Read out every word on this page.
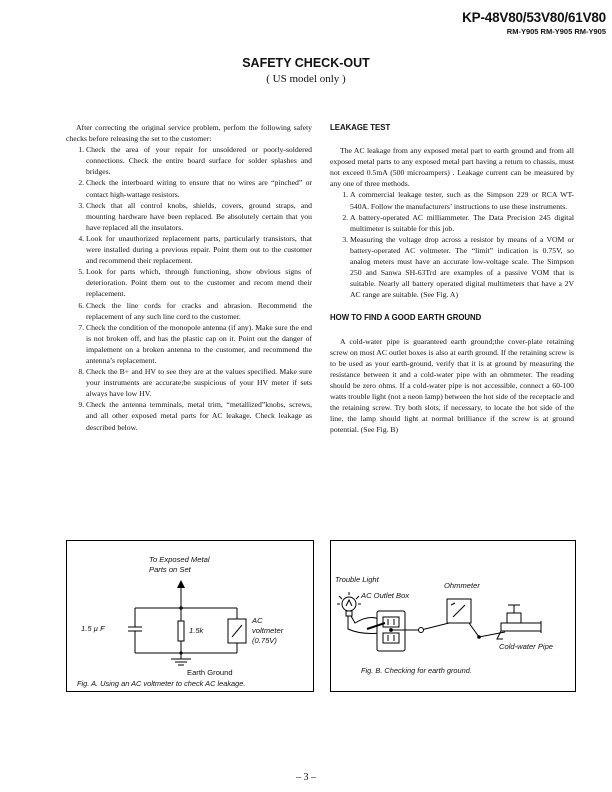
KP-48V80/53V80/61V80
RM-Y905 RM-Y905 RM-Y905
SAFETY CHECK-OUT
( US model only )

After correcting the original service problem, perfom the following safety checks before releasing the set to the customer:

1. Check the area of your repair for unsoldered or poorly-soldered connections. Check the entire board surface for solder splashes and bridges.
2. Check the interboard wiring to ensure that no wires are “pinched” or contact high-wattage resistors.
3. Check that all control knobs, shields, covers, ground straps, and mounting hardware have been replaced. Be absolutely certain that you have replaced all the insulators.
4. Look for unauthorized replacement parts, particularly transistors, that were installed during a previous repair. Point them out to the customer and recommend their replacement.
5. Look for parts which, through functioning, show obvious signs of deterioration. Point them out to the customer and recom mend their replacement.
6. Check the line cords for cracks and abrasion. Recommend the replacement of any such line cord to the customer.
7. Check the condition of the monopole antenna (if any). Make sure the end is not broken off, and has the plastic cap on it. Point out the danger of impalement on a broken antenna to the customer, and recommend the antenna’s replacement.
8. Check the B+ and HV to see they are at the values specified. Make sure your instruments are accurate;be suspicious of your HV meter if sets always have low HV.
9. Check the antenna temminals, metal trim, “metallized”knobs, screws, and all other exposed metal parts for AC leakage. Check leakage as described below.
LEAKAGE TEST

The AC leakage from any exposed metal part to earth ground and from all exposed metal parts to any exposed metal part having a return to chassis, must not exceed 0.5mA (500 microampers) . Leakage current can be measured by any one of three methods.

1. A commercial leakage tester, such as the Simpson 229 or RCA WT-540A. Follow the manufacturers’ instructions to use these instruments.
2. A battery-operated AC milliammeter. The Data Precision 245 digital multimeter is suitable for this job.
3. Measuring the voltage drop across a resistor by means of a VOM or battery-operated AC voltmeter. The “limit” indication is 0.75V, so analog meters must have an accurate low-voltage scale. The Simpson 250 and Sanwa SH-63Trd are examples of a passive VOM that is suitable. Nearly all battery operated digital multimeters that have a 2V AC range are suitable. (See Fig. A)
HOW TO FIND A GOOD EARTH GROUND

A cold-water pipe is guaranteed earth ground;the cover-plate retaining screw on most AC outlet boxes is also at earth ground. If the retaining screw is to be used as your earth-ground, verify that it is at ground by measuring the resistance between it and a cold-water pipe with an ohmmeter. The reading should be zero ohms. If a cold-water pipe is not accessible, connect a 60-100 watts trouble light (not a neon lamp) between the hot side of the receptacle and the retaining screw. Try both slots, if necessary, to locate the hot side of the line, the lamp should light at normal brilliance if the screw is at ground potential. (See Fig. B)

To Exposed Metal
Parts on Set
1.5 µ F	1.5k
AC
voltmeter
(0.75V)
Earth Ground
Fig. A. Using an AC voltmeter to check AC leakage.
Trouble Light
AC Outlet Box
Ohmmeter
Cold-water Pipe
Fig. B. Checking for earth ground.
– 3 –
